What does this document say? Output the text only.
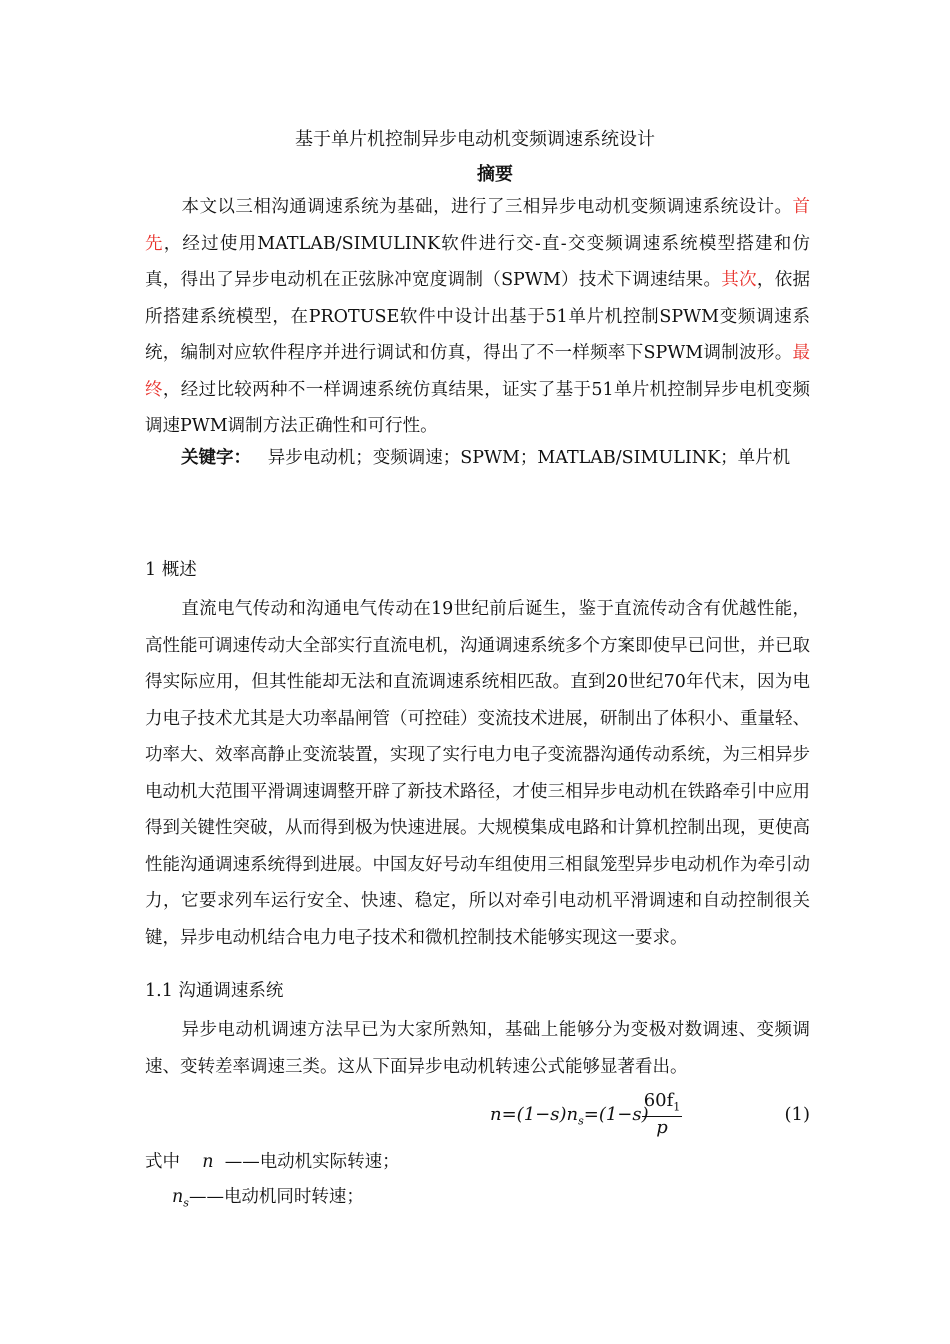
基于单片机控制异步电动机变频调速系统设计
摘要
本文以三相沟通调速系统为基础，进行了三相异步电动机变频调速系统设计。首先，经过使用MATLAB/SIMULINK软件进行交-直-交变频调速系统模型搭建和仿真，得出了异步电动机在正弦脉冲宽度调制（SPWM）技术下调速结果。其次，依据所搭建系统模型，在PROTUSE软件中设计出基于51单片机控制SPWM变频调速系统，编制对应软件程序并进行调试和仿真，得出了不一样频率下SPWM调制波形。最终，经过比较两种不一样调速系统仿真结果，证实了基于51单片机控制异步电机变频调速PWM调制方法正确性和可行性。
关键字： 异步电动机；变频调速；SPWM；MATLAB/SIMULINK；单片机
1 概述
直流电气传动和沟通电气传动在19世纪前后诞生，鉴于直流传动含有优越性能，高性能可调速传动大全部实行直流电机，沟通调速系统多个方案即使早已问世，并已取得实际应用，但其性能却无法和直流调速系统相匹敌。直到20世纪70年代末，因为电力电子技术尤其是大功率晶闸管（可控硅）变流技术进展，研制出了体积小、重量轻、功率大、效率高静止变流装置，实现了实行电力电子变流器沟通传动系统，为三相异步电动机大范围平滑调速调整开辟了新技术路径，才使三相异步电动机在铁路牵引中应用得到关键性突破，从而得到极为快速进展。大规模集成电路和计算机控制出现，更使高性能沟通调速系统得到进展。中国友好号动车组使用三相鼠笼型异步电动机作为牵引动力，它要求列车运行安全、快速、稳定，所以对牵引电动机平滑调速和自动控制很关键，异步电动机结合电力电子技术和微机控制技术能够实现这一要求。
1.1 沟通调速系统
异步电动机调速方法早已为大家所熟知，基础上能够分为变极对数调速、变频调速、变转差率调速三类。这从下面异步电动机转速公式能够显著看出。
$n=(1-s)n_s=(1-s)$
$\frac{60f_1}{p}$	(1)
式中 n ——电动机实际转速；
$n_s——$电动机同时转速；
